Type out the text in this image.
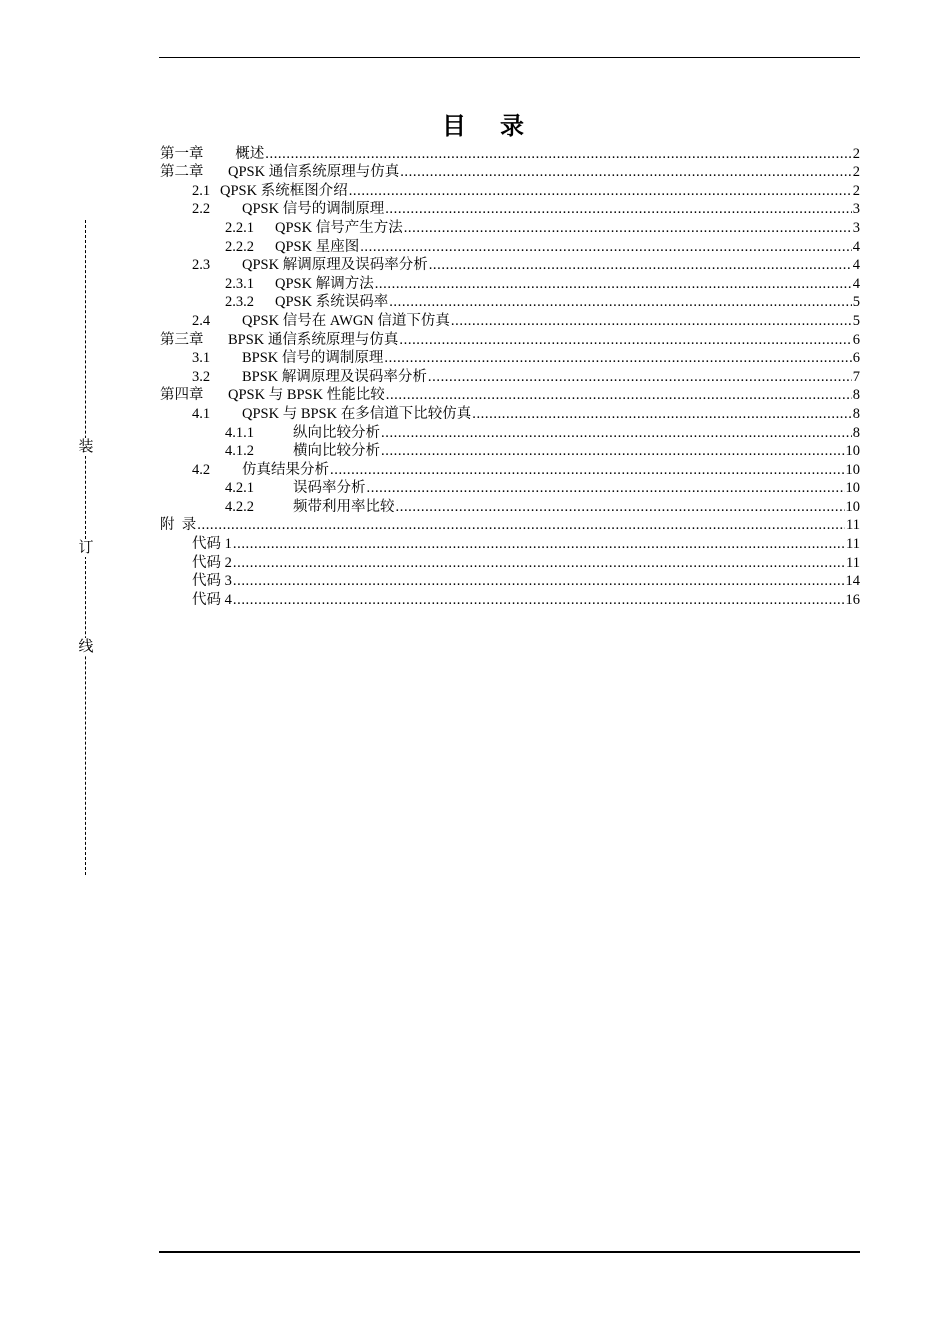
装
订
线
目 录
第一章	概述 .....	2
第二章	QPSK 通信系统原理与仿真 .....	2
2.1 QPSK 系统框图介绍 .....	2
2.2	QPSK 信号的调制原理 .....	3
2.2.1	QPSK 信号产生方法 .....	3
2.2.2	QPSK 星座图 .....	4
2.3	QPSK 解调原理及误码率分析 .....	4
2.3.1	QPSK 解调方法 .....	4
2.3.2	QPSK 系统误码率 .....	5
2.4	QPSK 信号在 AWGN 信道下仿真 .....	5
第三章	BPSK 通信系统原理与仿真 .....	6
3.1	BPSK 信号的调制原理 .....	6
3.2	BPSK 解调原理及误码率分析 .....	7
第四章	QPSK 与 BPSK 性能比较 .....	8
4.1	QPSK 与 BPSK 在多信道下比较仿真 .....	8
4.1.1	纵向比较分析 .....	8
4.1.2	横向比较分析 .....	10
4.2	仿真结果分析 .....	10
4.2.1	误码率分析 .....	10
4.2.2	频带利用率比较 .....	10
附  录 .....	11
代码 1 .....	11
代码 2 .....	11
代码 3 .....	14
代码 4 .....	16
